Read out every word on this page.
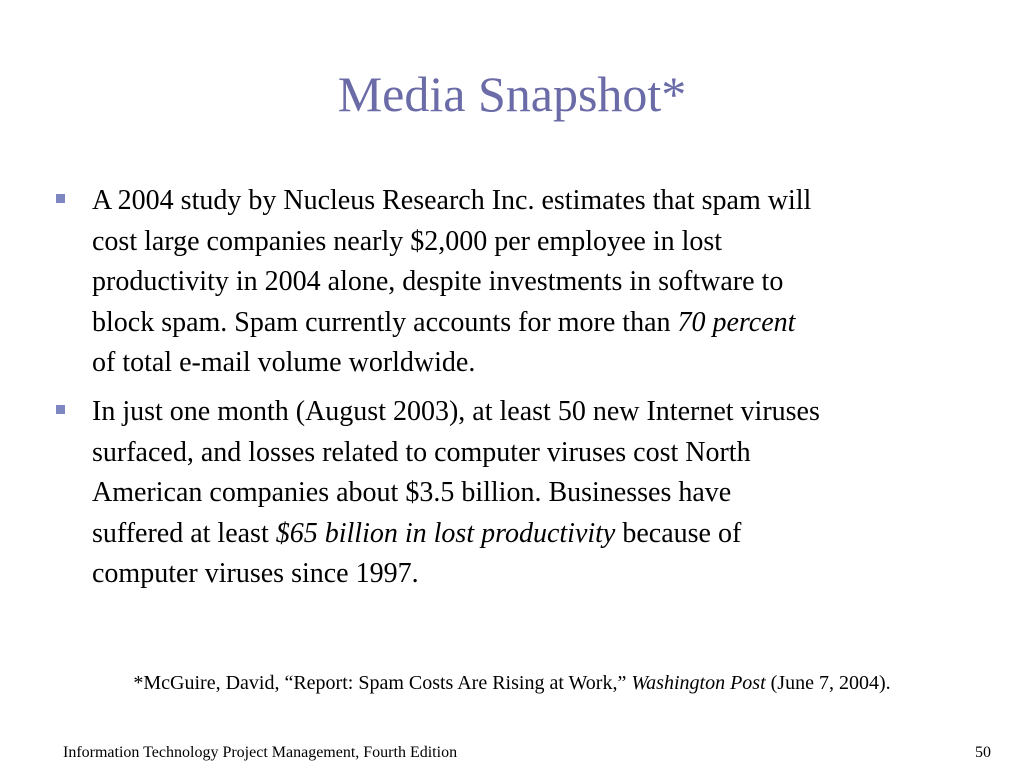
Media Snapshot*
A 2004 study by Nucleus Research Inc. estimates that spam will
cost large companies nearly $2,000 per employee in lost
productivity in 2004 alone, despite investments in software to
block spam. Spam currently accounts for more than 70 percent
of total e-mail volume worldwide.
In just one month (August 2003), at least 50 new Internet viruses
surfaced, and losses related to computer viruses cost North
American companies about $3.5 billion. Businesses have
suffered at least $65 billion in lost productivity because of
computer viruses since 1997.
*McGuire, David, “Report: Spam Costs Are Rising at Work,” Washington Post (June 7, 2004).
Information Technology Project Management, Fourth Edition	50
